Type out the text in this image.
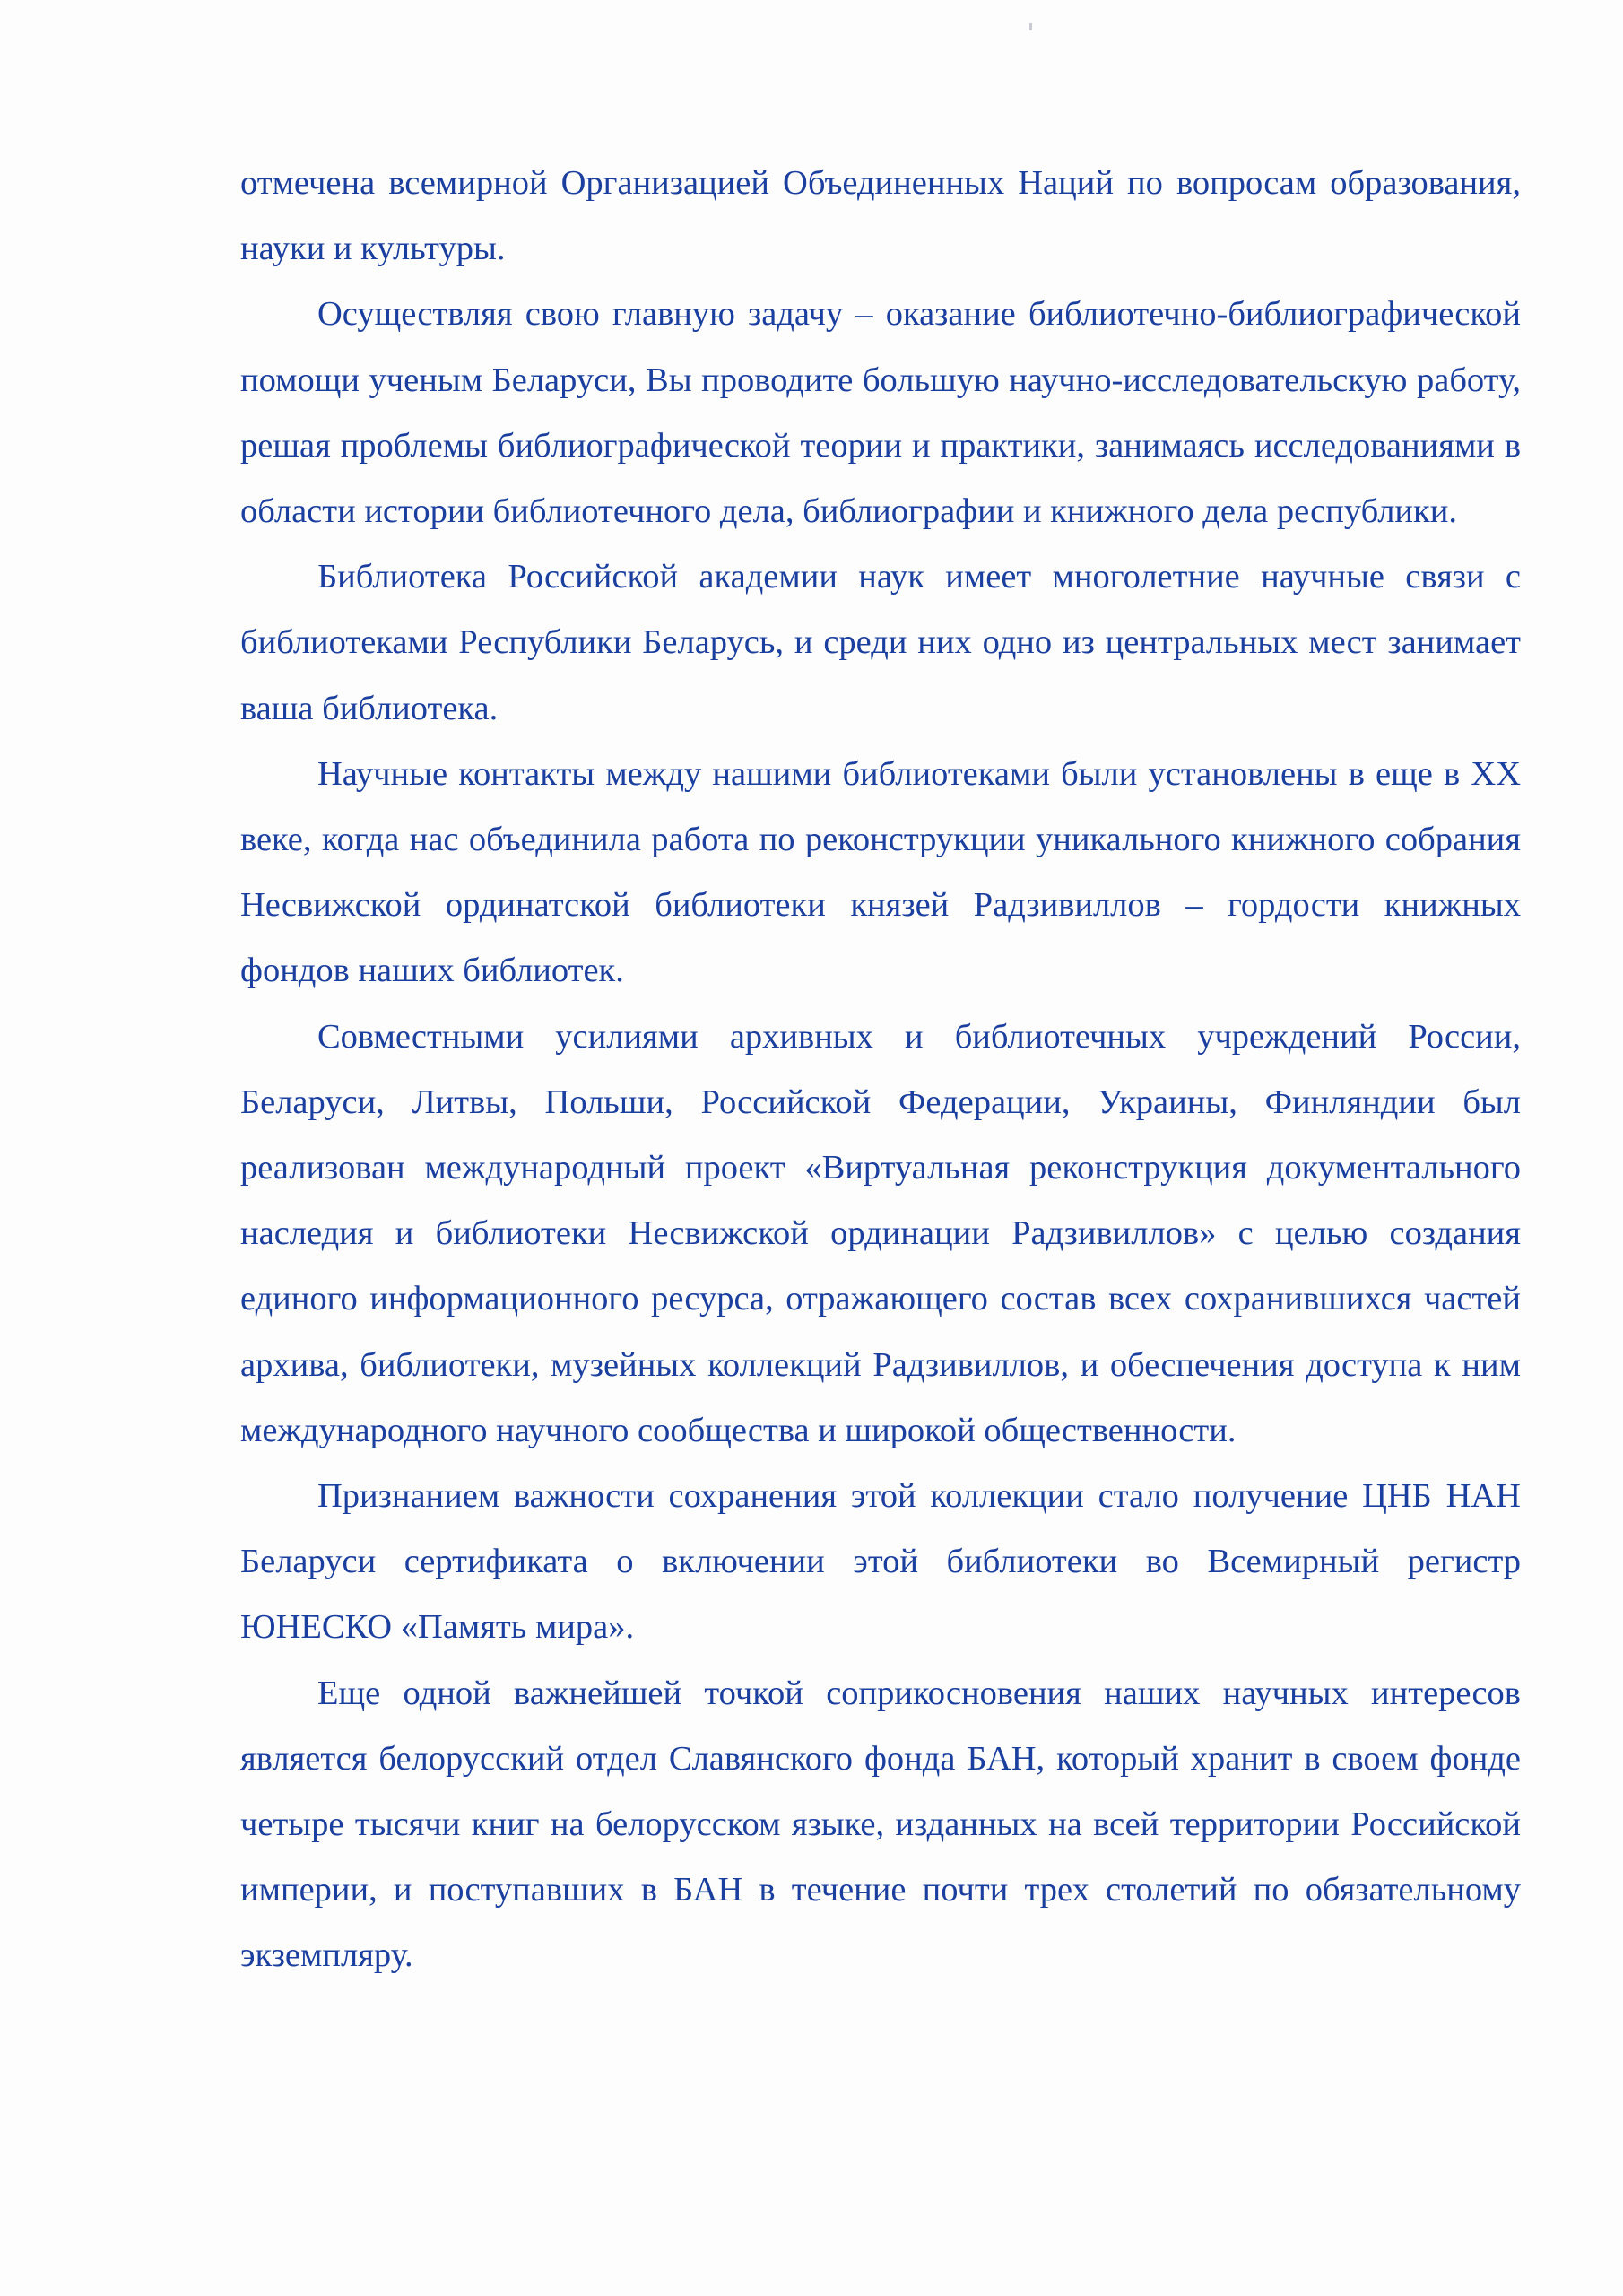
отмечена всемирной Организацией Объединенных Наций по вопросам образования, науки и культуры.

Осуществляя свою главную задачу – оказание библиотечно-библиографической помощи ученым Беларуси, Вы проводите большую научно-исследовательскую работу, решая проблемы библиографической теории и практики, занимаясь исследованиями в области истории библиотечного дела, библиографии и книжного дела республики.

Библиотека Российской академии наук имеет многолетние научные связи с библиотеками Республики Беларусь, и среди них одно из центральных мест занимает ваша библиотека.

Научные контакты между нашими библиотеками были установлены в еще в XX веке, когда нас объединила работа по реконструкции уникального книжного собрания Несвижской ординатской библиотеки князей Радзивиллов – гордости книжных фондов наших библиотек.

Совместными усилиями архивных и библиотечных учреждений России, Беларуси, Литвы, Польши, Российской Федерации, Украины, Финляндии был реализован международный проект «Виртуальная реконструкция документального наследия и библиотеки Несвижской ординации Радзивиллов» с целью создания единого информационного ресурса, отражающего состав всех сохранившихся частей архива, библиотеки, музейных коллекций Радзивиллов, и обеспечения доступа к ним международного научного сообщества и широкой общественности.

Признанием важности сохранения этой коллекции стало получение ЦНБ НАН Беларуси сертификата о включении этой библиотеки во Всемирный регистр ЮНЕСКО «Память мира».

Еще одной важнейшей точкой соприкосновения наших научных интересов является белорусский отдел Славянского фонда БАН, который хранит в своем фонде четыре тысячи книг на белорусском языке, изданных на всей территории Российской империи, и поступавших в БАН в течение почти трех столетий по обязательному экземпляру.
